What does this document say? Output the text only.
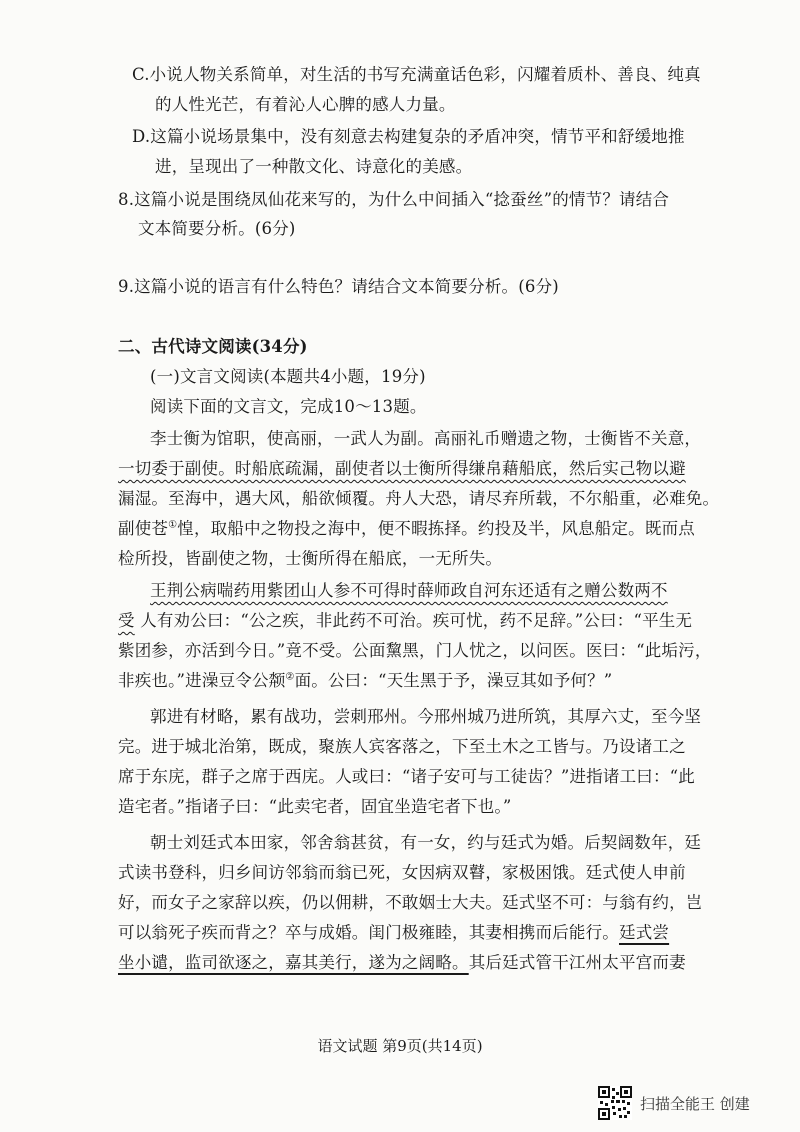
C.小说人物关系简单，对生活的书写充满童话色彩，闪耀着质朴、善良、纯真
的人性光芒，有着沁人心脾的感人力量。
D.这篇小说场景集中，没有刻意去构建复杂的矛盾冲突，情节平和舒缓地推
进，呈现出了一种散文化、诗意化的美感。
8.这篇小说是围绕凤仙花来写的，为什么中间插入“捻蚕丝”的情节？请结合
文本简要分析。(6分)
9.这篇小说的语言有什么特色？请结合文本简要分析。(6分)
二、古代诗文阅读(34分)
(一)文言文阅读(本题共4小题，19分)
阅读下面的文言文，完成10～13题。
李士衡为馆职，使高丽，一武人为副。高丽礼币赠遗之物，士衡皆不关意，
一切委于副使。时船底疏漏，副使者以士衡所得缣帛藉船底，然后实己物以避
漏湿。至海中，遇大风，船欲倾覆。舟人大恐，请尽弃所载，不尔船重，必难免。
副使苍①惶，取船中之物投之海中，便不暇拣择。约投及半，风息船定。既而点
检所投，皆副使之物，士衡所得在船底，一无所失。
王荆公病喘药用紫团山人参不可得时薛师政自河东还适有之赠公数两不
受 人有劝公曰：“公之疾，非此药不可治。疾可忧，药不足辞。”公曰：“平生无
紫团参，亦活到今日。”竟不受。公面黧黑，门人忧之，以问医。医曰：“此垢污，
非疾也。”进澡豆令公颒②面。公曰：“天生黑于予，澡豆其如予何？”
郭进有材略，累有战功，尝刺邢州。今邢州城乃进所筑，其厚六丈，至今坚
完。进于城北治第，既成，聚族人宾客落之，下至土木之工皆与。乃设诸工之
席于东庑，群子之席于西庑。人或曰：“诸子安可与工徒齿？”进指诸工曰：“此
造宅者。”指诸子曰：“此卖宅者，固宜坐造宅者下也。”
朝士刘廷式本田家，邻舍翁甚贫，有一女，约与廷式为婚。后契阔数年，廷
式读书登科，归乡间访邻翁而翁已死，女因病双瞽，家极困饿。廷式使人申前
好，而女子之家辞以疾，仍以佣耕，不敢姻士大夫。廷式坚不可：与翁有约，岂
可以翁死子疾而背之？卒与成婚。闺门极雍睦，其妻相携而后能行。廷式尝
坐小谴，监司欲逐之，嘉其美行，遂为之阔略。其后廷式管干江州太平宫而妻
语文试题 第9页(共14页)
扫描全能王 创建
